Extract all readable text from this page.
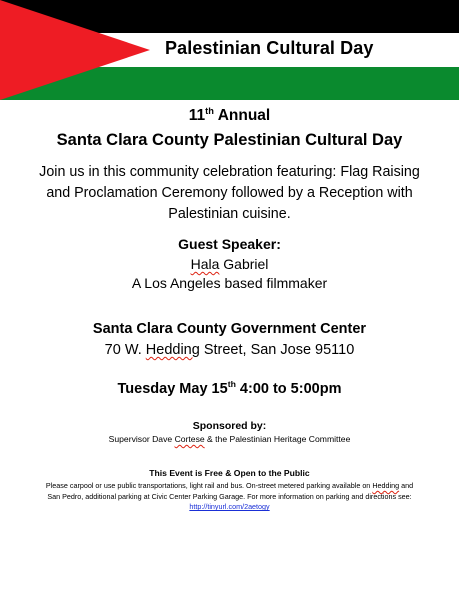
Palestinian Cultural Day
11th Annual
Santa Clara County Palestinian Cultural Day
Join us in this community celebration featuring: Flag Raising
and Proclamation Ceremony followed by a Reception with
Palestinian cuisine.
Guest Speaker:
Hala Gabriel
A Los Angeles based filmmaker
Santa Clara County Government Center
70 W. Hedding Street, San Jose 95110
Tuesday May 15th 4:00 to 5:00pm
Sponsored by:
Supervisor Dave Cortese & the Palestinian Heritage Committee
This Event is Free & Open to the Public
Please carpool or use public transportations, light rail and bus. On-street metered parking available on Hedding and
San Pedro, additional parking at Civic Center Parking Garage. For more information on parking and directions see:
http://tinyurl.com/2aetogy
